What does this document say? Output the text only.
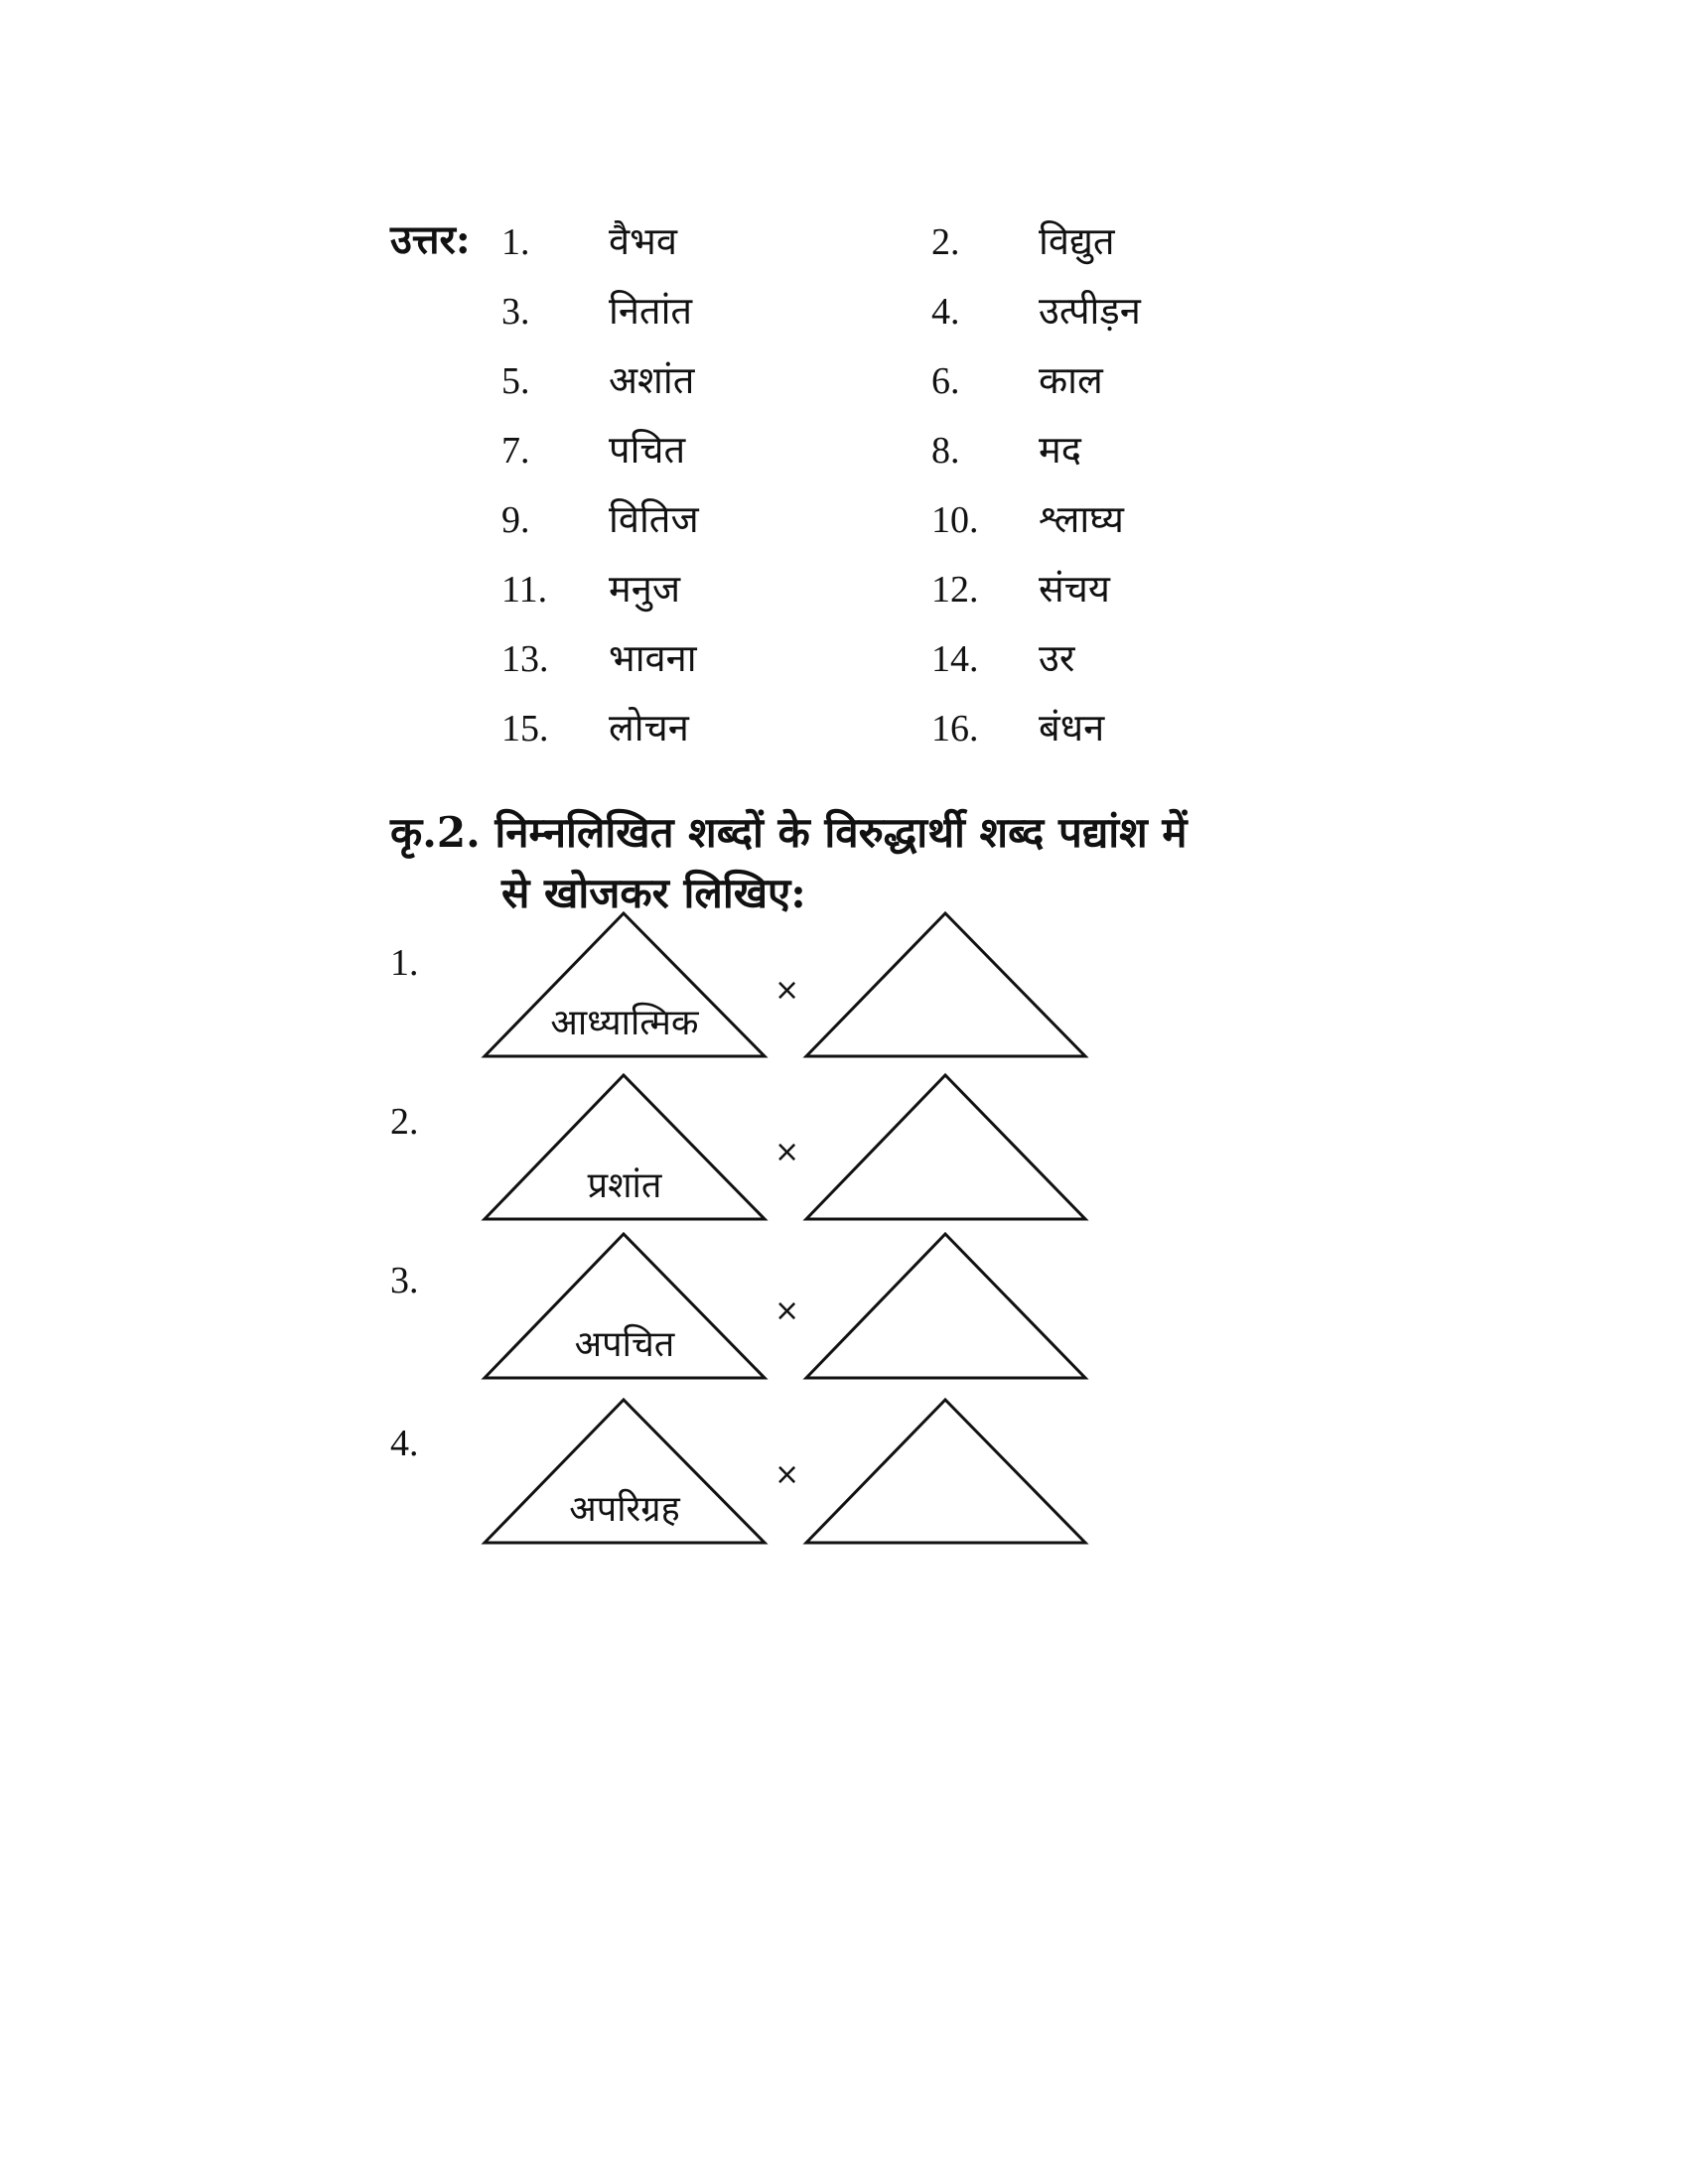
उत्तर: 1. वैभव	2. विद्युत
3. नितांत	4. उत्पीड़न
5. अशांत	6. काल
7. पचित	8. मद
9. वितिज	10. श्लाघ्य
11. मनुज	12. संचय
13. भावना	14. उर
15. लोचन	16. बंधन
कृ.2. निम्नलिखित शब्दों के विरुद्धार्थी शब्द पद्यांश में
से खोजकर लिखिए:
1.
आध्यात्मिक
×
2.
प्रशांत
×
3.
अपचित
×
4.
अपरिग्रह
×
